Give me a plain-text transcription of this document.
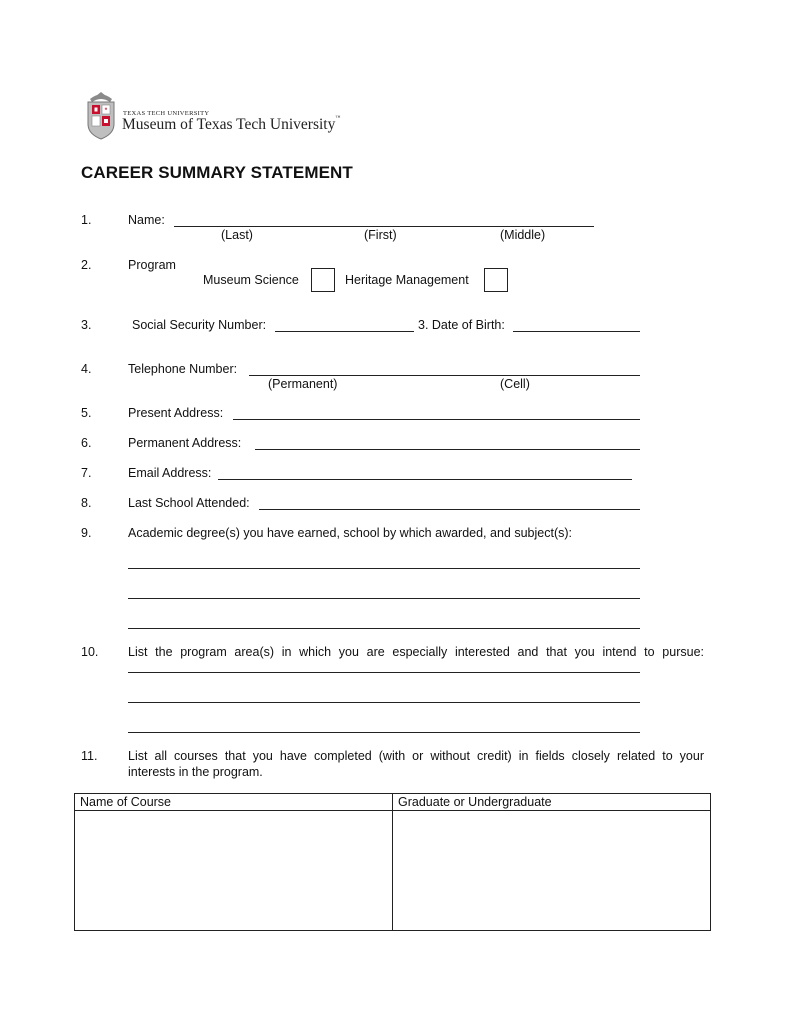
TEXAS TECH UNIVERSITY
Museum of Texas Tech University™
CAREER SUMMARY STATEMENT
1.	Name:
(Last)	(First)	(Middle)
2.	Program
Museum Science	Heritage Management
3.	Social Security Number:	3. Date of Birth:
4.	Telephone Number:
(Permanent)	(Cell)
5.	Present Address:
6.	Permanent Address:
7.	Email Address:
8.	Last School Attended:
9.	Academic degree(s) you have earned, school by which awarded, and subject(s):
10. List the program area(s) in which you are especially interested and that you intend to pursue:
11. List all courses that you have completed (with or without credit) in fields closely related to your
interests in the program.
Name of Course	Graduate or Undergraduate
